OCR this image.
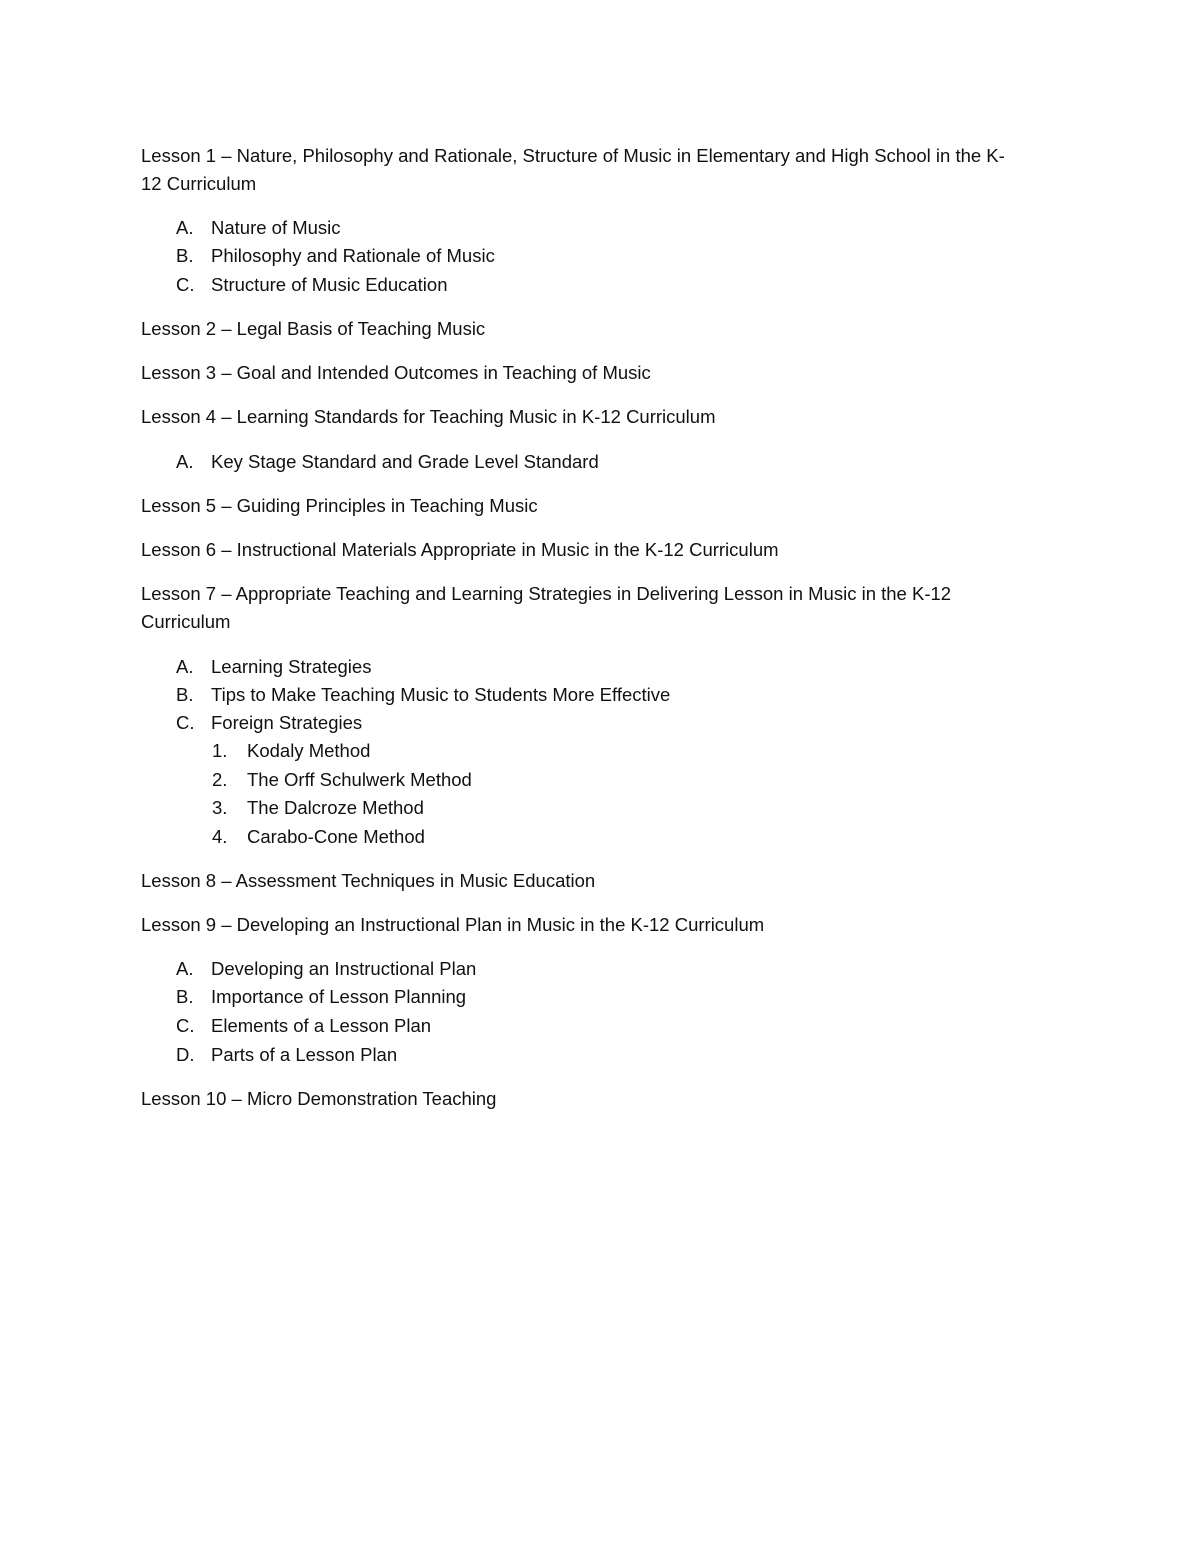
Lesson 1 – Nature, Philosophy and Rationale, Structure of Music in Elementary and High School in the K-
12 Curriculum
A. Nature of Music
B. Philosophy and Rationale of Music
C. Structure of Music Education
Lesson 2 – Legal Basis of Teaching Music
Lesson 3 – Goal and Intended Outcomes in Teaching of Music
Lesson 4 – Learning Standards for Teaching Music in K-12 Curriculum
A. Key Stage Standard and Grade Level Standard
Lesson 5 – Guiding Principles in Teaching Music
Lesson 6 – Instructional Materials Appropriate in Music in the K-12 Curriculum
Lesson 7 – Appropriate Teaching and Learning Strategies in Delivering Lesson in Music in the K-12
Curriculum
A. Learning Strategies
B. Tips to Make Teaching Music to Students More Effective
C. Foreign Strategies
1. Kodaly Method
2. The Orff Schulwerk Method
3. The Dalcroze Method
4. Carabo-Cone Method
Lesson 8 – Assessment Techniques in Music Education
Lesson 9 – Developing an Instructional Plan in Music in the K-12 Curriculum
A. Developing an Instructional Plan
B. Importance of Lesson Planning
C. Elements of a Lesson Plan
D. Parts of a Lesson Plan
Lesson 10 – Micro Demonstration Teaching
